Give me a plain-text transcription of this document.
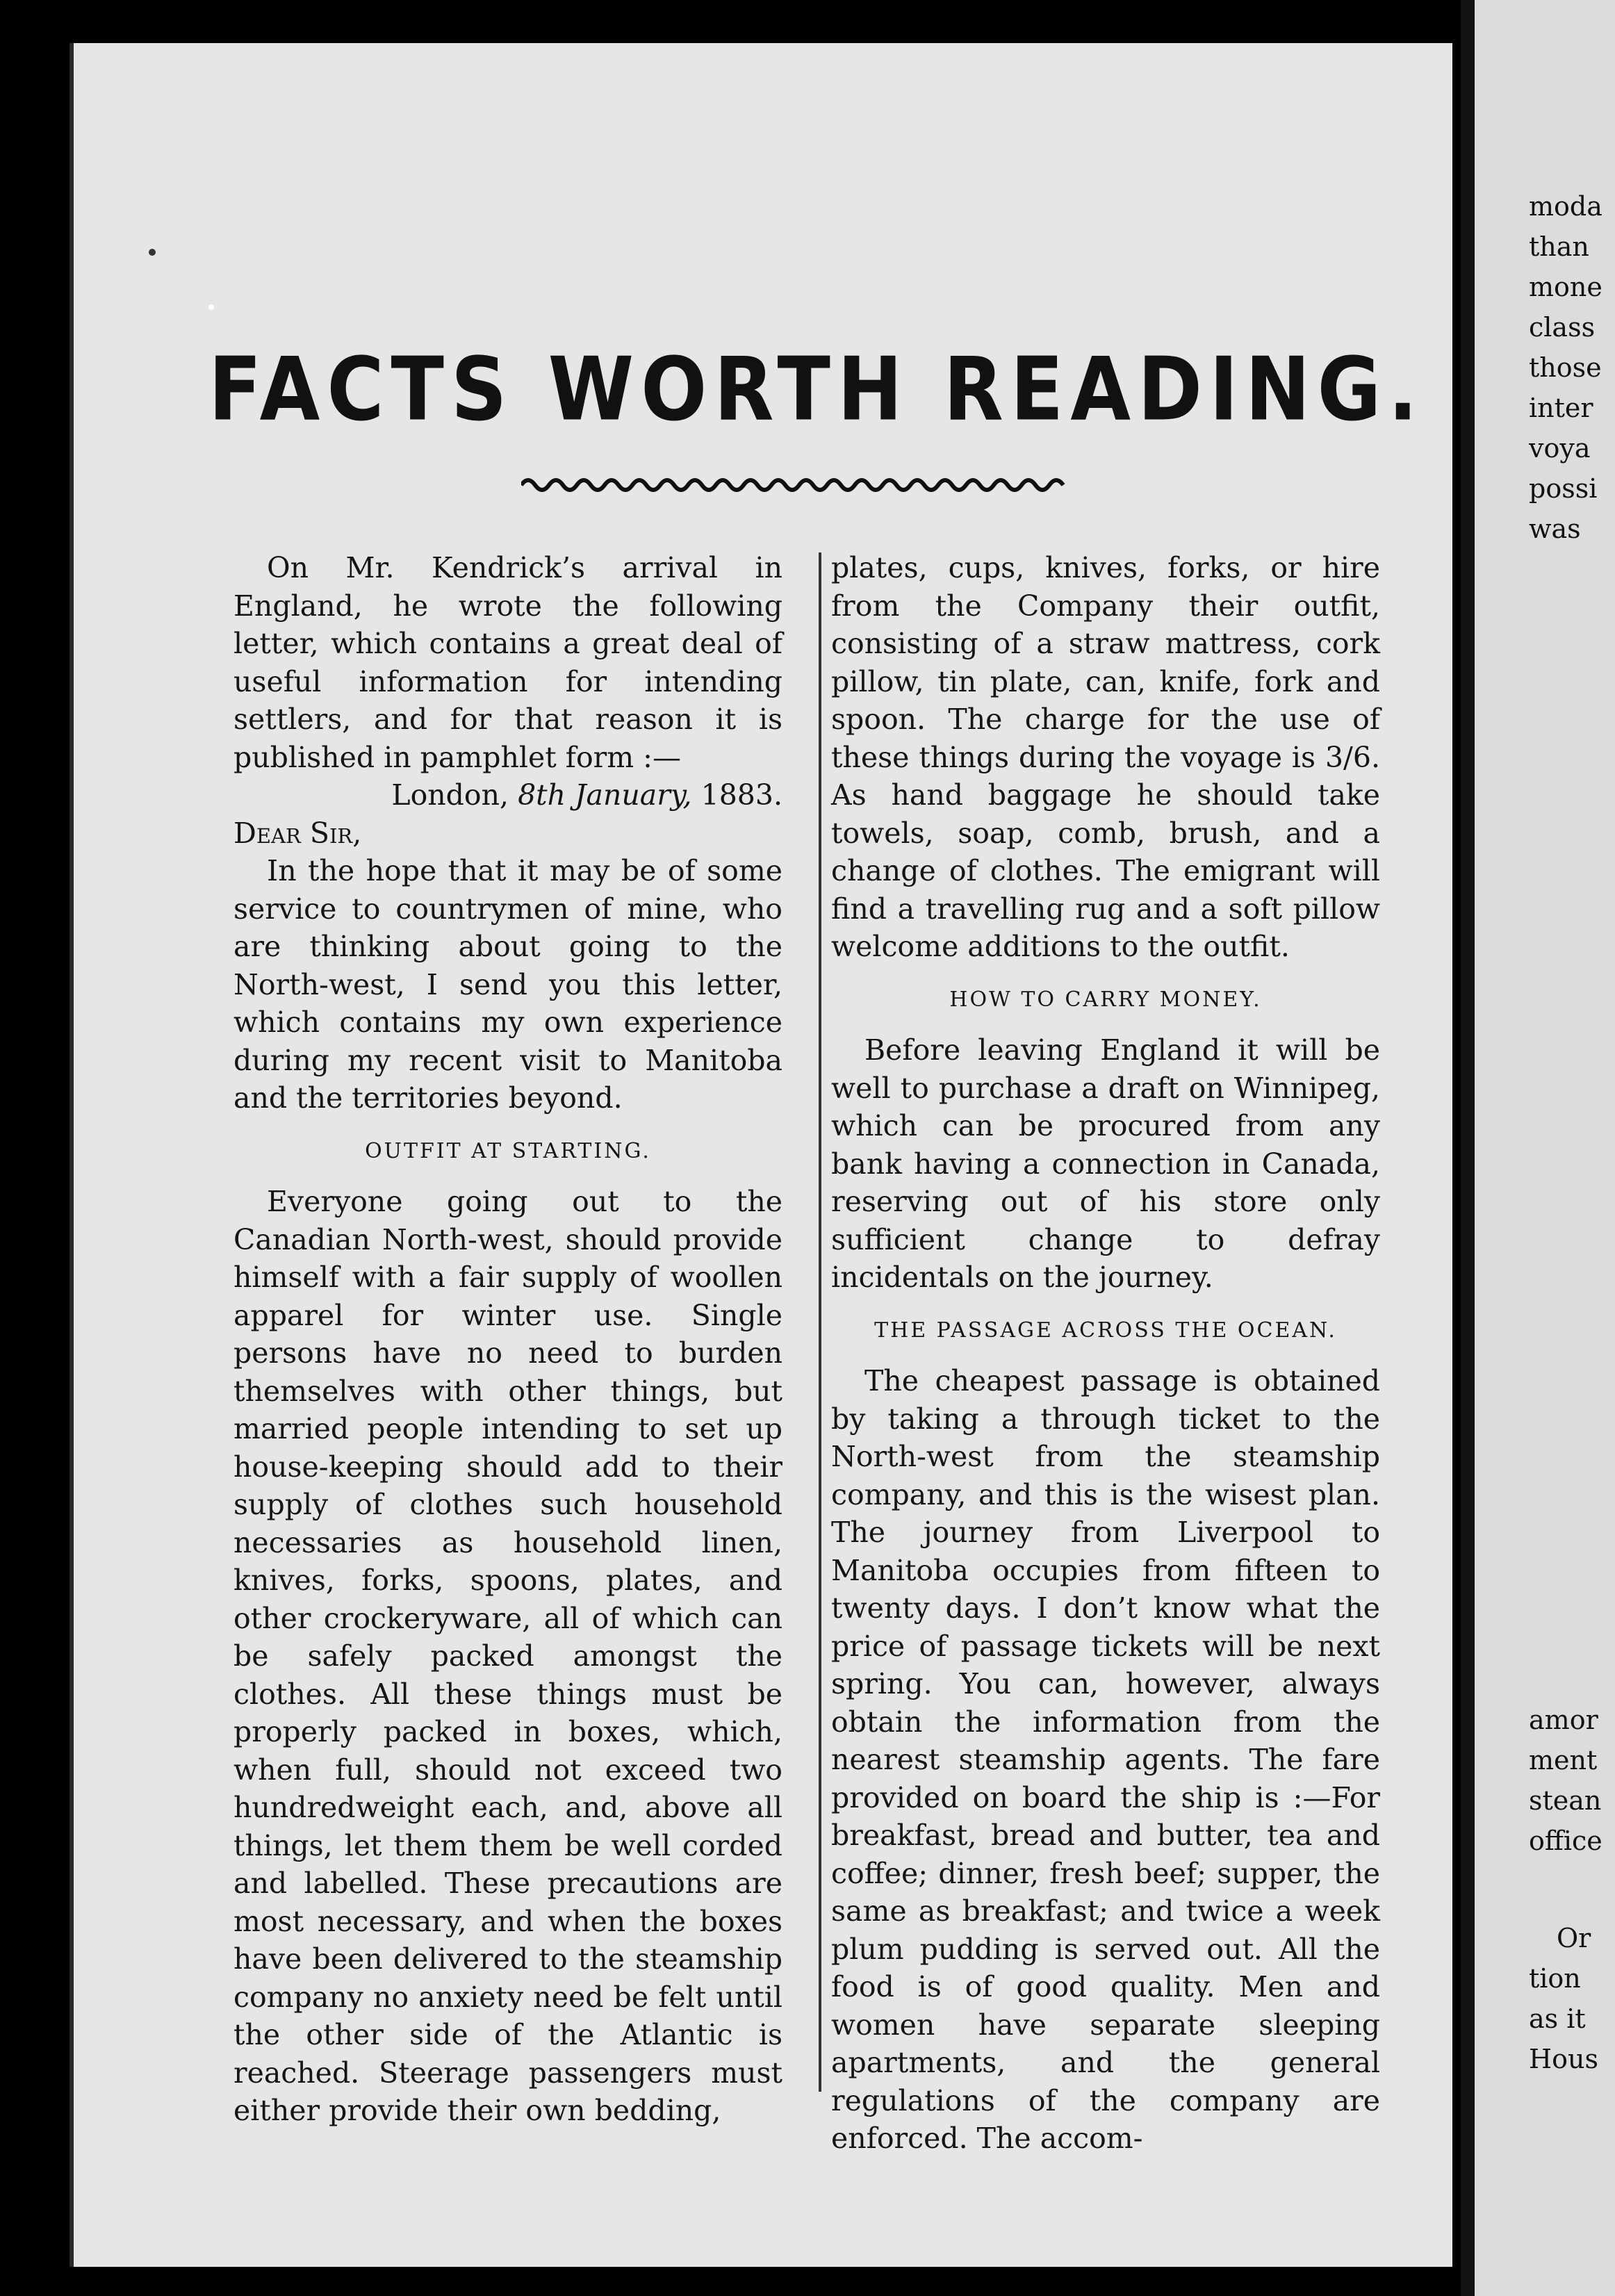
moda
than
mone
class
those
inter
voya
possi
was
amor
ment
stean
office
Or
tion
as it
Hous
FACTS WORTH READING.

On Mr. Kendrick’s arrival in England, he wrote the following letter, which contains a great deal of useful information for intending settlers, and for that reason it is published in pamphlet form :—

London, 8th January, 1883.

Dear Sir,

In the hope that it may be of some service to countrymen of mine, who are thinking about going to the North-west, I send you this letter, which contains my own experience during my recent visit to Manitoba and the territories beyond.

OUTFIT AT STARTING.

Everyone going out to the Canadian North-west, should provide himself with a fair supply of woollen apparel for winter use. Single persons have no need to burden themselves with other things, but married people intending to set up house-keeping should add to their supply of clothes such household necessaries as household linen, knives, forks, spoons, plates, and other crockeryware, all of which can be safely packed amongst the clothes. All these things must be properly packed in boxes, which, when full, should not exceed two hundredweight each, and, above all things, let them them be well corded and labelled. These precautions are most necessary, and when the boxes have been delivered to the steamship company no anxiety need be felt until the other side of the Atlantic is reached. Steerage passengers must either provide their own bedding,

plates, cups, knives, forks, or hire from the Company their outfit, consisting of a straw mattress, cork pillow, tin plate, can, knife, fork and spoon. The charge for the use of these things during the voyage is 3/6. As hand baggage he should take towels, soap, comb, brush, and a change of clothes. The emigrant will find a travelling rug and a soft pillow welcome additions to the outfit.

HOW TO CARRY MONEY.

Before leaving England it will be well to purchase a draft on Winnipeg, which can be procured from any bank having a connection in Canada, reserving out of his store only sufficient change to defray incidentals on the journey.

THE PASSAGE ACROSS THE OCEAN.

The cheapest passage is obtained by taking a through ticket to the North-west from the steamship company, and this is the wisest plan. The journey from Liverpool to Manitoba occupies from fifteen to twenty days. I don’t know what the price of passage tickets will be next spring. You can, however, always obtain the information from the nearest steamship agents. The fare provided on board the ship is :—For breakfast, bread and butter, tea and coffee; dinner, fresh beef; supper, the same as breakfast; and twice a week plum pudding is served out. All the food is of good quality. Men and women have separate sleeping apartments, and the general regulations of the company are enforced. The accom-
